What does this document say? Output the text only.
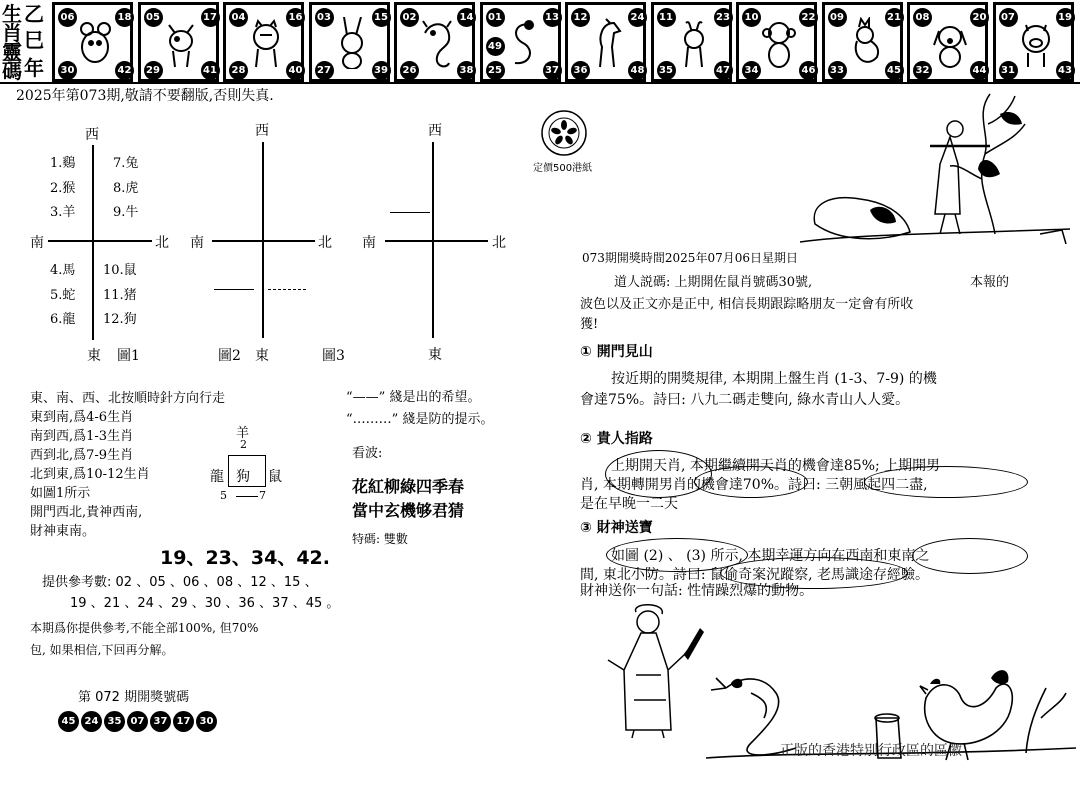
生
肖
靈
碼
乙
巳
年
06	18
30	42
05	17
29	41
04	16
28	40
03	15
27	39
02	14
26	38
01	13
25	37
49
12	24
36	48
11	23
35	47
10	22
34	46
09	21
33	45
08	20
32	44
07	19
31	43
2025年第073期,敬請不要翻版,否則失真.
定價500港紙
西
南	北
東 圖1
1.鷄
2.猴
3.羊
7.兔
8.虎
9.牛
4.馬
5.蛇
6.龍
10.鼠
11.猪
12.狗
西
南	北
圖2 東	圖3
西
南	北
東
東、南、西、北按順時針方向行走
東到南,爲4-6生肖
南到西,爲1-3生肖
西到北,爲7-9生肖
北到東,爲10-12生肖
如圖1所示
開門西北,貴神西南,
財神東南。
羊
2
龍 狗 鼠
5	7
“——” 綫是出的希望。
“………” 綫是防的提示。
看波:
花紅柳綠四季春
當中玄機够君猜
特碼: 雙數
19、23、34、42.
提供參考數: 02 、05 、06 、08 、12 、15 、
19 、21 、24 、29 、30 、36 、37 、45 。
本期爲你提供參考,不能全部100%, 但70%
包, 如果相信,下回再分解。
第 072 期開獎號碼
45 24 35 07 37 17 30
073期開獎時間2025年07月06日星期日
道人説碼: 上期開佐鼠肖號碼30號,	本報的
波色以及正文亦是正中, 相信長期跟踪略朋友一定會有所收
獲!
① 開門見山
按近期的開獎規律, 本期開上盤生肖 (1-3、7-9) 的機
會達75%。詩曰: 八九二碼走雙向, 綠水青山人人愛。
② 貴人指路
上期開天肖, 本期繼續開天肖的機會達85%; 上期開男
肖, 本期轉開男肖的機會達70%。詩曰: 三朝風起四二盡,
是在早晚一二天
③ 財神送寶
如圖 (2) 、 (3) 所示, 本期幸運方向在西南和東南之
間, 東北小防。詩曰: 鼠偷奇案況蹤察, 老馬識途存經驗。
財神送你一句話: 性情躁烈爆的動物。
正版的香港特別行政區的區徽
